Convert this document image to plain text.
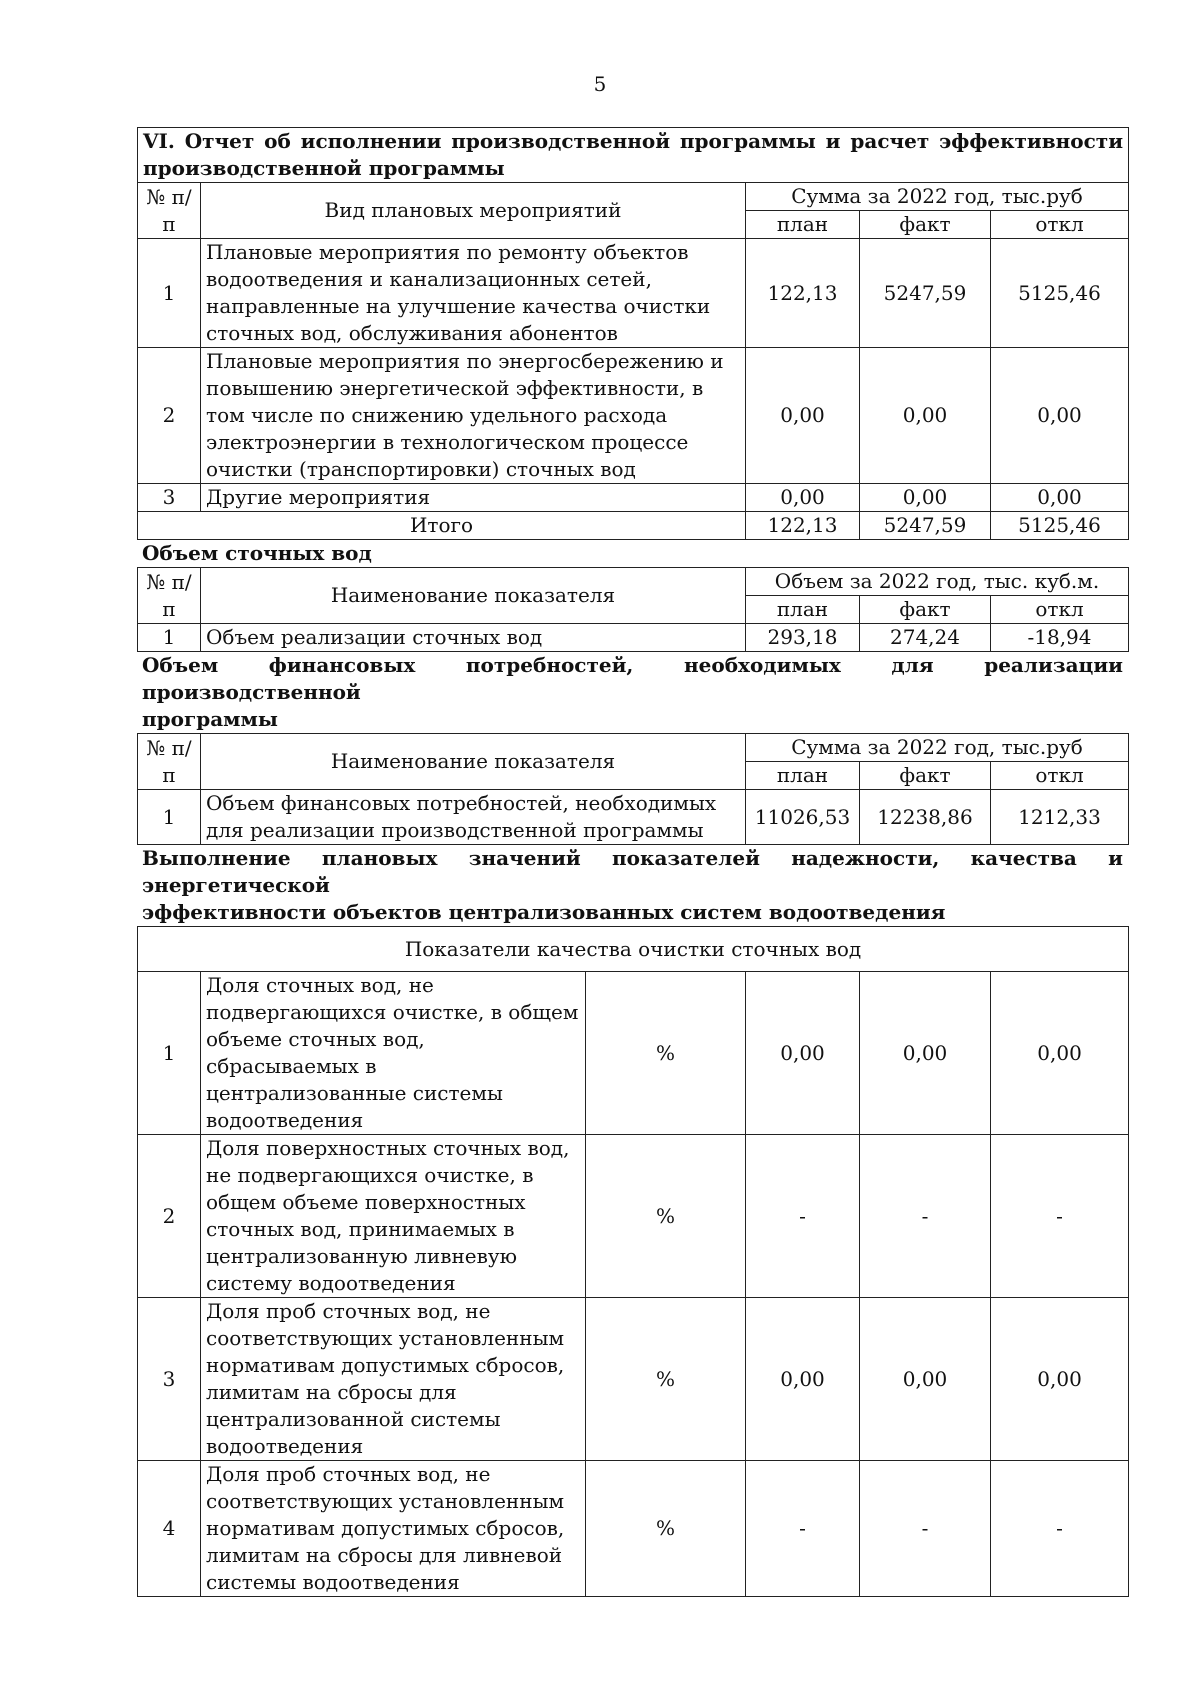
5
VI. Отчет об исполнении производственной программы и расчет эффективности
производственной программы				

№ п/п	Вид плановых мероприятий	Сумма за 2022 год, тыс.руб		
		план	факт	откл
1	Плановые мероприятия по ремонту объектов водоотведения и канализационных сетей, направленные на улучшение качества очистки сточных вод, обслуживания абонентов	122,13	5247,59	5125,46
2	Плановые мероприятия по энергосбережению и повышению энергетической эффективности, в том числе по снижению удельного расхода электроэнергии в технологическом процессе очистки (транспортировки) сточных вод	0,00	0,00	0,00
3	Другие мероприятия	0,00	0,00	0,00
Итого		122,13	5247,59	5125,46
Объем сточных вод
№ п/п	Наименование показателя	Объем за 2022 год, тыс. куб.м.		
		план	факт	откл
1	Объем реализации сточных вод	293,18	274,24	-18,94
Объем финансовых потребностей, необходимых для реализации производственной
программы
№ п/п	Наименование показателя	Сумма за 2022 год, тыс.руб		
		план	факт	откл
1	Объем финансовых потребностей, необходимых для реализации производственной программы	11026,53	12238,86	1212,33
Выполнение плановых значений показателей надежности, качества и энергетической
эффективности объектов централизованных систем водоотведения
Показатели качества очистки сточных вод					
1	Доля сточных вод, не подвергающихся очистке, в общем объеме сточных вод, сбрасываемых в централизованные системы водоотведения	%	0,00	0,00	0,00
2	Доля поверхностных сточных вод, не подвергающихся очистке, в общем объеме поверхностных сточных вод, принимаемых в централизованную ливневую систему водоотведения	%	-	-	-
3	Доля проб сточных вод, не соответствующих установленным нормативам допустимых сбросов, лимитам на сбросы для централизованной системы водоотведения	%	0,00	0,00	0,00
4	Доля проб сточных вод, не соответствующих установленным нормативам допустимых сбросов, лимитам на сбросы для ливневой системы водоотведения	%	-	-	-
